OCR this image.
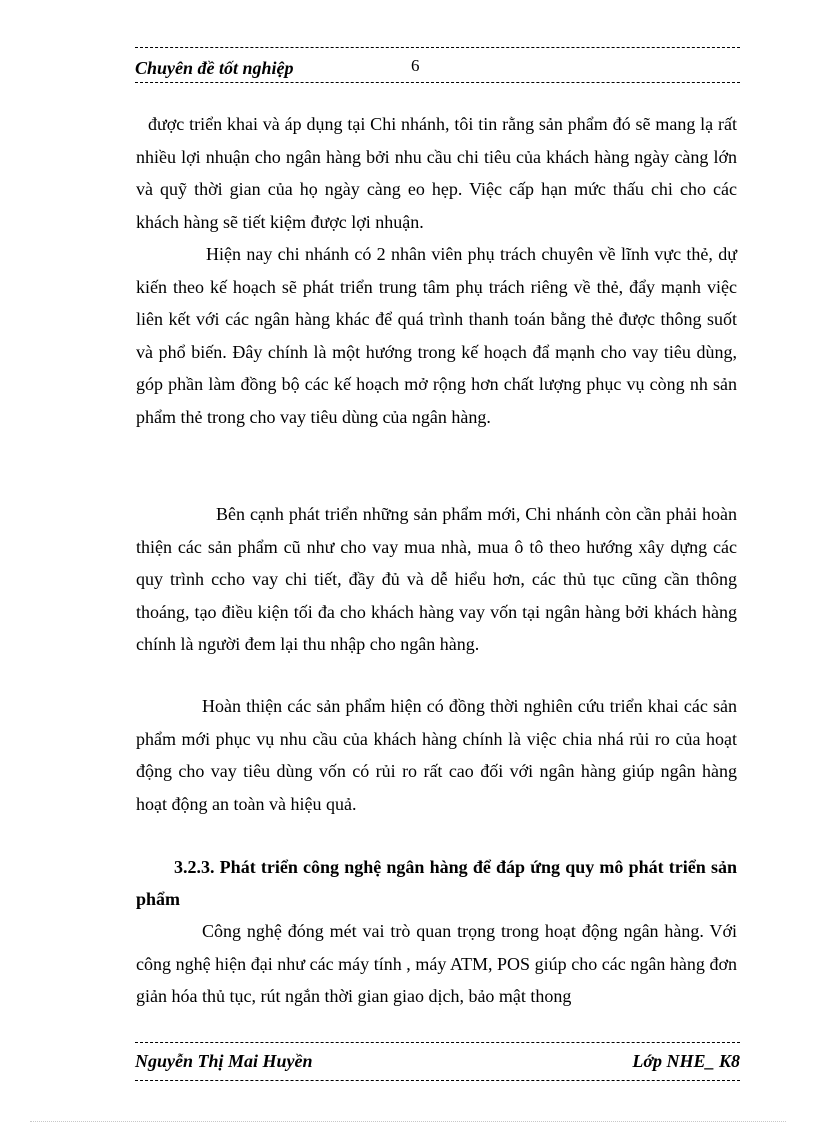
Chuyên đề tốt nghiệp	6

được triển khai và áp dụng tại Chi nhánh, tôi tin rằng sản phẩm đó sẽ mang lạ rất nhiều lợi nhuận cho ngân hàng bởi nhu cầu chi tiêu của khách hàng ngày càng lớn và quỹ thời gian của họ ngày càng eo hẹp. Việc cấp hạn mức thấu chi cho các khách hàng sẽ tiết kiệm được lợi nhuận.

Hiện nay chi nhánh có 2 nhân viên phụ trách chuyên về lĩnh vực thẻ, dự kiến theo kế hoạch sẽ phát triển trung tâm phụ trách riêng về thẻ, đẩy mạnh việc liên kết với các ngân hàng khác để quá trình thanh toán bằng thẻ được thông suốt và phổ biến. Đây chính là một hướng trong kế hoạch đẩ mạnh cho vay tiêu dùng, góp phần làm đồng bộ các kế hoạch mở rộng hơn chất lượng phục vụ còng nh sản phẩm thẻ trong cho vay tiêu dùng của ngân hàng.

Bên cạnh phát triển những sản phẩm mới, Chi nhánh còn cần phải hoàn thiện các sản phẩm cũ như cho vay mua nhà, mua ô tô theo hướng xây dựng các quy trình ccho vay chi tiết, đầy đủ và dễ hiểu hơn, các thủ tục cũng cần thông thoáng, tạo điều kiện tối đa cho khách hàng vay vốn tại ngân hàng bởi khách hàng chính là người đem lại thu nhập cho ngân hàng.

Hoàn thiện các sản phẩm hiện có đồng thời nghiên cứu triển khai các sản phẩm mới phục vụ nhu cầu của khách hàng chính là việc chia nhá rủi ro của hoạt động cho vay tiêu dùng vốn có rủi ro rất cao đối với ngân hàng giúp ngân hàng hoạt động an toàn và hiệu quả.

3.2.3. Phát triển công nghệ ngân hàng để đáp ứng quy mô phát triển sản phẩm

Công nghệ đóng mét vai trò quan trọng trong hoạt động ngân hàng. Với công nghệ hiện đại như các máy tính , máy ATM, POS giúp cho các ngân hàng đơn giản hóa thủ tục, rút ngắn thời gian giao dịch, bảo mật thong

Nguyễn Thị Mai Huyền	Lớp NHE_ K8
